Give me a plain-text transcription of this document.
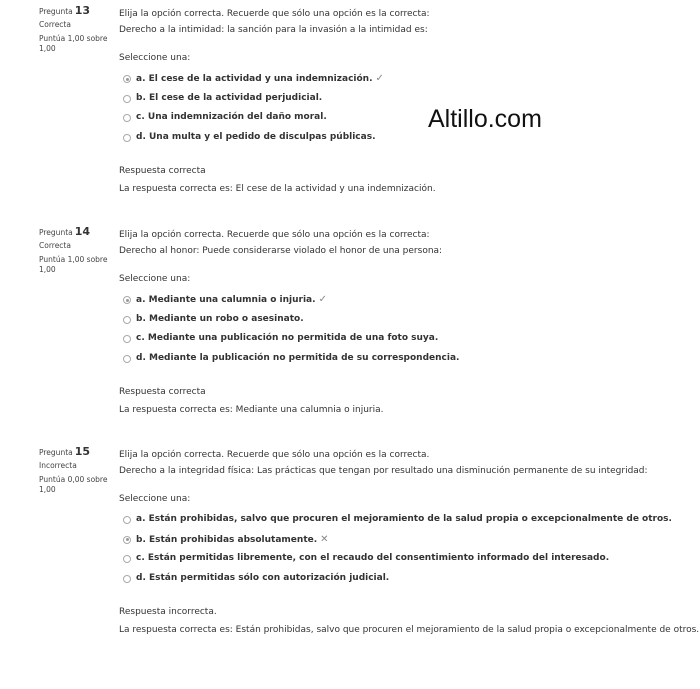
Altillo.com
Pregunta 13
Correcta
Puntúa 1,00 sobre 1,00
Elija la opción correcta. Recuerde que sólo una opción es la correcta:
Derecho a la intimidad: la sanción para la invasión a la intimidad es:
Seleccione una:
a. El cese de la actividad y una indemnización. ✓
b. El cese de la actividad perjudicial.
c. Una indemnización del daño moral.
d. Una multa y el pedido de disculpas públicas.
Respuesta correcta
La respuesta correcta es: El cese de la actividad y una indemnización.
Pregunta 14
Correcta
Puntúa 1,00 sobre 1,00
Elija la opción correcta. Recuerde que sólo una opción es la correcta:
Derecho al honor: Puede considerarse violado el honor de una persona:
Seleccione una:
a. Mediante una calumnia o injuria. ✓
b. Mediante un robo o asesinato.
c. Mediante una publicación no permitida de una foto suya.
d. Mediante la publicación no permitida de su correspondencia.
Respuesta correcta
La respuesta correcta es: Mediante una calumnia o injuria.
Pregunta 15
Incorrecta
Puntúa 0,00 sobre 1,00
Elija la opción correcta. Recuerde que sólo una opción es la correcta.
Derecho a la integridad física: Las prácticas que tengan por resultado una disminución permanente de su integridad:
Seleccione una:
a. Están prohibidas, salvo que procuren el mejoramiento de la salud propia o excepcionalmente de otros.
b. Están prohibidas absolutamente. ✕
c. Están permitidas libremente, con el recaudo del consentimiento informado del interesado.
d. Están permitidas sólo con autorización judicial.
Respuesta incorrecta.
La respuesta correcta es: Están prohibidas, salvo que procuren el mejoramiento de la salud propia o excepcionalmente de otros.
